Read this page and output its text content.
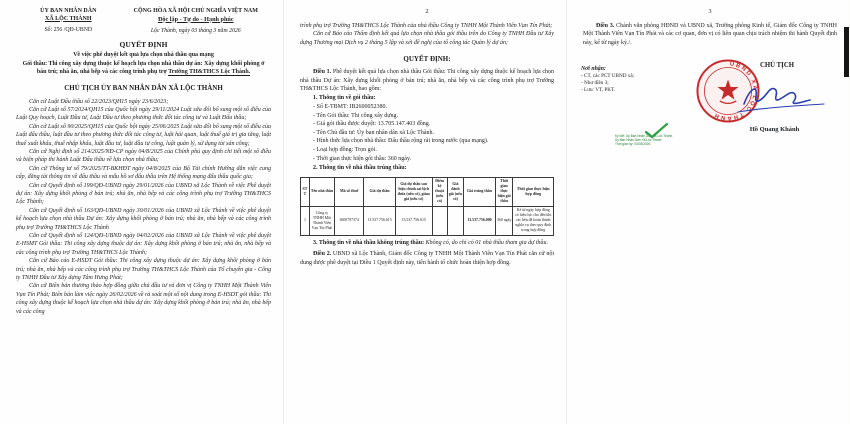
ỦY BAN NHÂN DÂN
XÃ LỘC THÀNH
Số: 256 /QĐ-UBND
CỘNG HÒA XÃ HỘI CHỦ NGHĨA VIỆT NAM
Độc lập - Tự do - Hạnh phúc
Lộc Thành, ngày 03 tháng 3 năm 2026
QUYẾT ĐỊNH
Về việc phê duyệt kết quả lựa chọn nhà thầu qua mạng
Gói thầu: Thi công xây dựng thuộc kế hoạch lựa chọn nhà thầu dự án: Xây dựng khối phòng ở bán trú; nhà ăn, nhà bếp và các công trình phụ trợ Trường TH&THCS Lộc Thành.
CHỦ TỊCH ỦY BAN NHÂN DÂN XÃ LỘC THÀNH

Căn cứ Luật Đấu thầu số 22/2023/QH15 ngày 23/6/2023;

Căn cứ Luật số 57/2024/QH15 của Quốc hội ngày 29/11/2024 Luật sửa đổi bổ sung một số điều của Luật Quy hoạch, Luật Đầu tư, Luật Đầu tư theo phương thức đối tác công tư và Luật Đấu thầu;

Căn cứ Luật số 90/2025/QH15 của Quốc hội ngày 25/06/2025 Luật sửa đổi bổ sung một số điều của Luật đấu thầu, luật đầu tư theo phương thức đối tác công tư, luật hải quan, luật thuế giá trị gia tăng, luật thuế xuất khẩu, thuế nhập khẩu, luật đầu tư, luật đầu tư công, luật quản lý, sử dụng tài sản công;

Căn cứ Nghị định số 214/2025/NĐ-CP ngày 04/8/2025 của Chính phủ quy định chi tiết một số điều và biện pháp thi hành Luật Đấu thầu về lựa chọn nhà thầu;

Căn cứ Thông tư số 79/2025/TT-BKHĐT ngày 04/8/2025 của Bộ Tài chính Hướng dẫn việc cung cấp, đăng tải thông tin về đấu thầu và mẫu hồ sơ đấu thầu trên Hệ thống mạng đấu thầu quốc gia;

Căn cứ Quyết định số 199/QĐ-UBND ngày 29/01/2026 của UBND xã Lộc Thành về việc Phê duyệt dự án: Xây dựng khối phòng ở bán trú; nhà ăn, nhà bếp và các công trình phụ trợ Trường TH&THCS Lộc Thành;

Căn cứ Quyết định số 163/QĐ-UBND ngày 30/01/2026 của UBND xã Lộc Thành về việc phê duyệt kế hoạch lựa chọn nhà thầu Dự án: Xây dựng khối phòng ở bán trú; nhà ăn, nhà bếp và các công trình phụ trợ Trường TH&THCS Lộc Thành

Căn cứ Quyết định số 124/QĐ-UBND ngày 04/02/2026 của UBND xã Lộc Thành về việc phê duyệt E-HSMT Gói thầu: Thi công xây dựng thuộc dự án: Xây dựng khối phòng ở bán trú; nhà ăn, nhà bếp và các công trình phụ trợ Trường TH&THCS Lộc Thành;

Căn cứ Báo cáo E-HSDT Gói thầu: Thi công xây dựng thuộc dự án: Xây dựng khối phòng ở bán trú; nhà ăn, nhà bếp và các công trình phụ trợ Trường TH&THCS Lộc Thành của Tổ chuyên gia - Công ty TNHH Đầu tư Xây dựng Tâm Hưng Phát;

Căn cứ Biên bản thương thảo hợp đồng giữa chủ đầu tư và đơn vị Công ty TNHH Một Thành Viên Vạn Tín Phát; Biên bản làm việc ngày 26/02/2026 về rà soát một số nội dung trong E-HSDT gói thầu: Thi công xây dựng thuộc kế hoạch lựa chọn nhà thầu dự án: Xây dựng khối phòng ở bán trú; nhà ăn, nhà bếp và các công

2

trình phụ trợ Trường TH&THCS Lộc Thành của nhà thầu Công ty TNHH Một Thành Viên Vạn Tín Phát;

Căn cứ Báo cáo Thẩm định kết quả lựa chọn nhà thầu gói thầu trên do Công ty TNHH Đầu tư Xây dựng Thương mại Dịch vụ 2 tháng 5 lập và xét đề nghị của tổ công tác Quản lý dự án;

QUYẾT ĐỊNH:

Điều 1. Phê duyệt kết quả lựa chọn nhà thầu Gói thầu: Thi công xây dựng thuộc kế hoạch lựa chọn nhà thầu Dự án: Xây dựng khối phòng ở bán trú; nhà ăn, nhà bếp và các công trình phụ trợ Trường TH&THCS Lộc Thành, bao gồm:

1. Thông tin về gói thầu:
- Số E-TBMT: IB2600052380.
- Tên Gói thầu: Thi công xây dựng.
- Giá gói thầu được duyệt: 13.705.147.403 đồng.
- Tên Chủ đầu tư: Ủy ban nhân dân xã Lộc Thành.
- Hình thức lựa chọn nhà thầu: Đấu thầu rộng rãi trong nước (qua mạng).
- Loại hợp đồng: Trọn gói.
- Thời gian thực hiện gói thầu: 360 ngày.
2. Thông tin về nhà thầu trúng thầu:
STT	Tên nhà thầu	Mã số thuế	Giá dự thầu	Giá dự thầu sau hiệu chỉnh sai lệch thừa (nếu có), giảm giá (nếu có)	Điểm kỹ thuật (nếu có)	Giá đánh giá (nếu có)	Giá trúng thầu	Thời gian thực hiện gói thầu	Thời gian thực hiện hợp đồng
1	Công ty TNHH Một Thành Viên Vạn Tín Phát	3600797374	13.537.756.615	13.537.756.615			13.537.756.000	360 ngày	Kể từ ngày hợp đồng có hiệu lực cho đến khi các bên đã hoàn thành nghĩa vụ theo quy định trong hợp đồng

3. Thông tin về nhà thầu không trúng thầu: Không có, do chỉ có 01 nhà thầu tham gia dự thầu.

Điều 2. UBND xã Lộc Thành, Giám đốc Công ty TNHH Một Thành Viên Vạn Tín Phát căn cứ nội dung được phê duyệt tại Điều 1 Quyết định này, tiến hành tổ chức hoàn thiện hợp đồng.

3

Điều 3. Chánh văn phòng HĐND và UBND xã, Trưởng phòng Kinh tế, Giám đốc Công ty TNHH Một Thành Viên Vạn Tín Phát và các cơ quan, đơn vị có liên quan chịu trách nhiệm thi hành Quyết định này, kể từ ngày ký./.

Nơi nhận:
- CT, các PCT UBND xã;
- Như điều 3;
- Lưu: VT, PKT.
CHỦ TỊCH
UBND XÃ LỘC THÀNH
Hồ Quang Khánh
Ký bởi: Ủy Ban Nhân Dân Xã Lộc Thành
Ủy Ban Nhân Dân Xã Lộc Thành
Thời gian ký: 03/03/2026
